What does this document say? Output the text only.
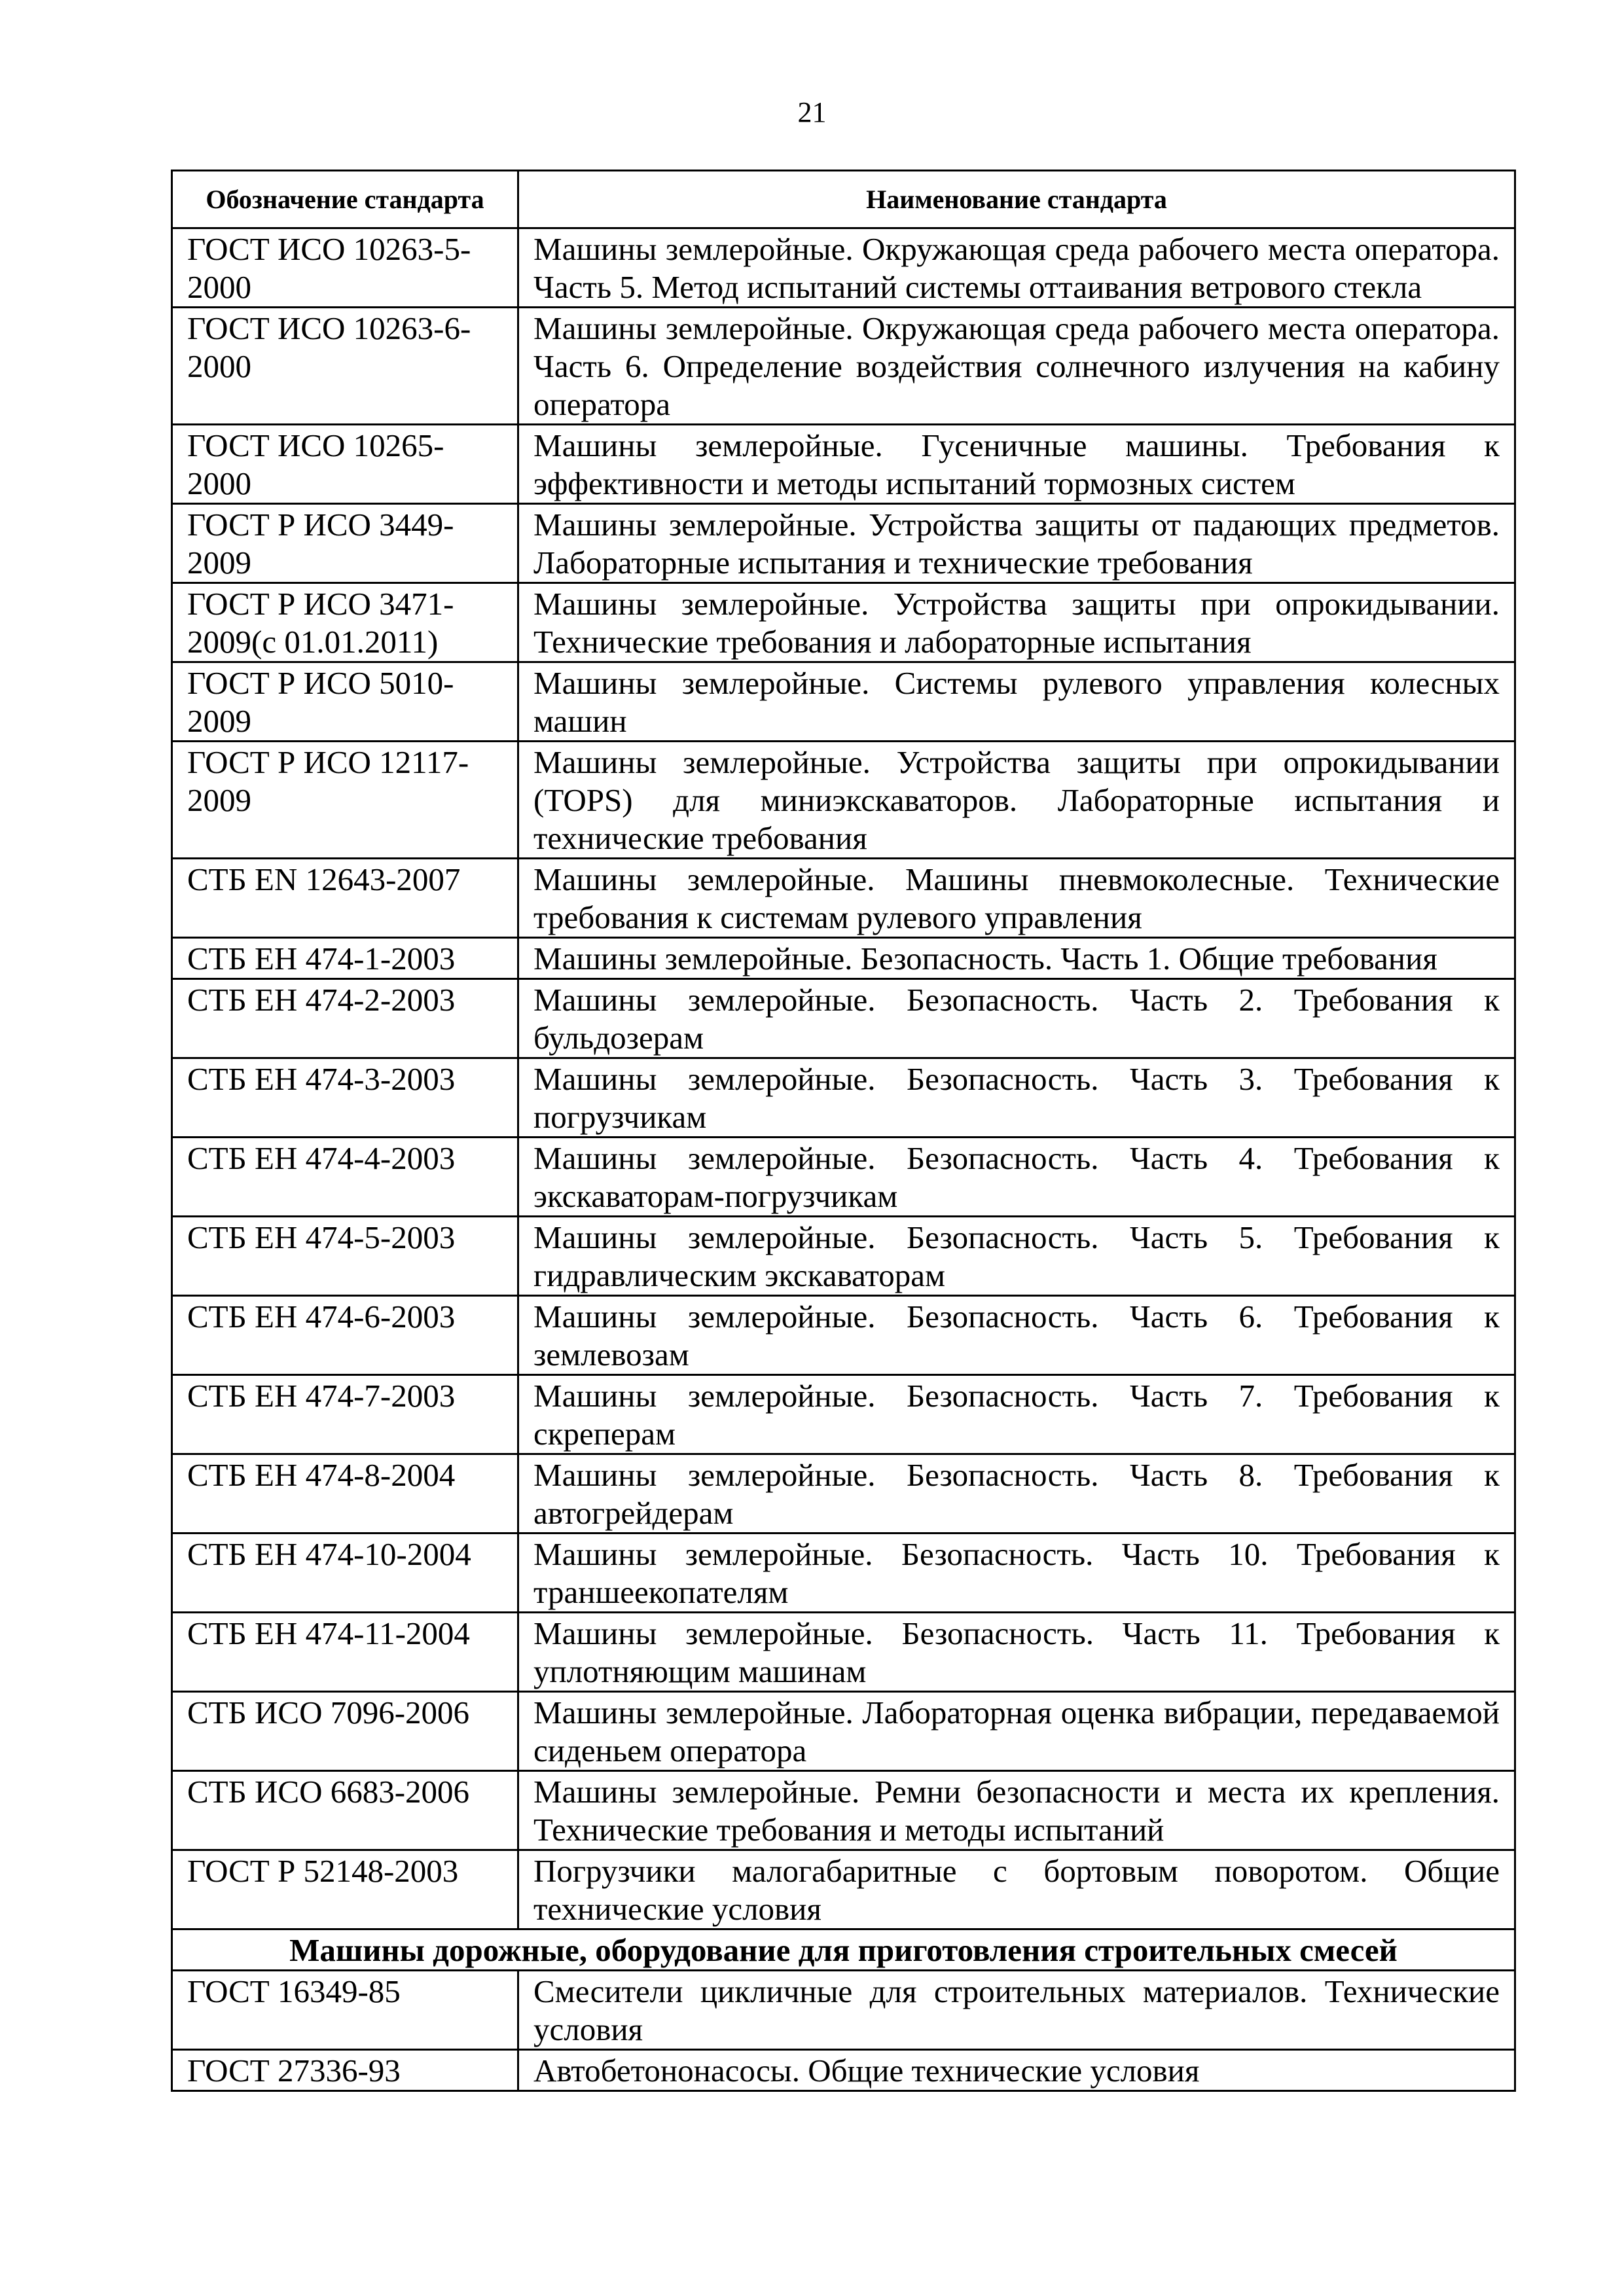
21
Обозначение стандарта	Наименование стандарта
ГОСТ ИСО 10263-5-2000	Машины землеройные. Окружающая среда рабочего места оператора. Часть 5. Метод испытаний системы оттаивания ветрового стекла
ГОСТ ИСО 10263-6-2000	Машины землеройные. Окружающая среда рабочего места оператора. Часть 6. Определение воздействия солнечного излучения на кабину оператора
ГОСТ ИСО 10265-2000	Машины землеройные. Гусеничные машины. Требования к эффективности и методы испытаний тормозных систем
ГОСТ Р ИСО 3449-2009	Машины землеройные. Устройства защиты от падающих предметов. Лабораторные испытания и технические требования
ГОСТ Р ИСО 3471-2009(с 01.01.2011)	Машины землеройные. Устройства защиты при опрокидывании. Технические требования и лабораторные испытания
ГОСТ Р ИСО 5010-2009	Машины землеройные. Системы рулевого управления колесных машин
ГОСТ Р ИСО 12117-2009	Машины землеройные. Устройства защиты при опрокидывании (TOPS) для миниэкскаваторов. Лабораторные испытания и технические требования
СТБ EN 12643-2007	Машины землеройные. Машины пневмоколесные. Технические требования к системам рулевого управления
СТБ ЕН 474-1-2003	Машины землеройные. Безопасность. Часть 1. Общие требования
СТБ ЕН 474-2-2003	Машины землеройные. Безопасность. Часть 2. Требования к бульдозерам
СТБ ЕН 474-3-2003	Машины землеройные. Безопасность. Часть 3. Требования к погрузчикам
СТБ ЕН 474-4-2003	Машины землеройные. Безопасность. Часть 4. Требования к экскаваторам-погрузчикам
СТБ ЕН 474-5-2003	Машины землеройные. Безопасность. Часть 5. Требования к гидравлическим экскаваторам
СТБ ЕН 474-6-2003	Машины землеройные. Безопасность. Часть 6. Требования к землевозам
СТБ ЕН 474-7-2003	Машины землеройные. Безопасность. Часть 7. Требования к скреперам
СТБ ЕН 474-8-2004	Машины землеройные. Безопасность. Часть 8. Требования к автогрейдерам
СТБ ЕН 474-10-2004	Машины землеройные. Безопасность. Часть 10. Требования к траншеекопателям
СТБ ЕН 474-11-2004	Машины землеройные. Безопасность. Часть 11. Требования к уплотняющим машинам
СТБ ИСО 7096-2006	Машины землеройные. Лабораторная оценка вибрации, передаваемой сиденьем оператора
СТБ ИСО 6683-2006	Машины землеройные. Ремни безопасности и места их крепления. Технические требования и методы испытаний
ГОСТ Р 52148-2003	Погрузчики малогабаритные с бортовым поворотом. Общие технические условия
Машины дорожные, оборудование для приготовления строительных смесей	
ГОСТ 16349-85	Смесители цикличные для строительных материалов. Технические условия
ГОСТ 27336-93	Автобетононасосы. Общие технические условия
